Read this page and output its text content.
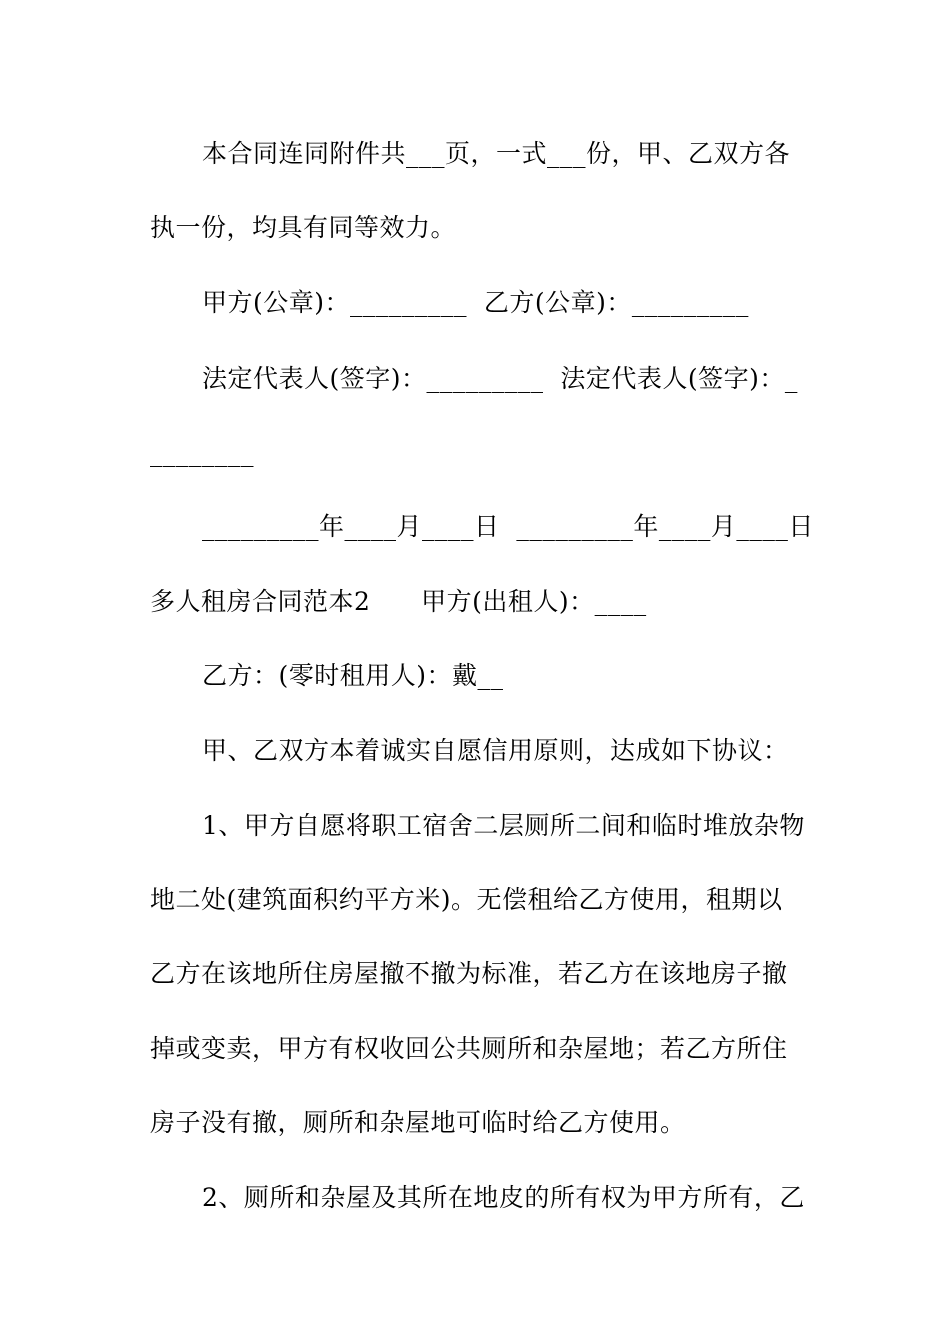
本合同连同附件共___页，一式___份，甲、乙双方各
执一份，均具有同等效力。
甲方(公章)：_________  乙方(公章)：_________
法定代表人(签字)：_________  法定代表人(签字)：_
________
_________年____月____日  _________年____月____日
多人租房合同范本2      甲方(出租人)：____
乙方：(零时租用人)：戴__
甲、乙双方本着诚实自愿信用原则，达成如下协议：
1、甲方自愿将职工宿舍二层厕所二间和临时堆放杂物
地二处(建筑面积约平方米)。无偿租给乙方使用，租期以
乙方在该地所住房屋撤不撤为标准，若乙方在该地房子撤
掉或变卖，甲方有权收回公共厕所和杂屋地；若乙方所住
房子没有撤，厕所和杂屋地可临时给乙方使用。
2、厕所和杂屋及其所在地皮的所有权为甲方所有，乙
